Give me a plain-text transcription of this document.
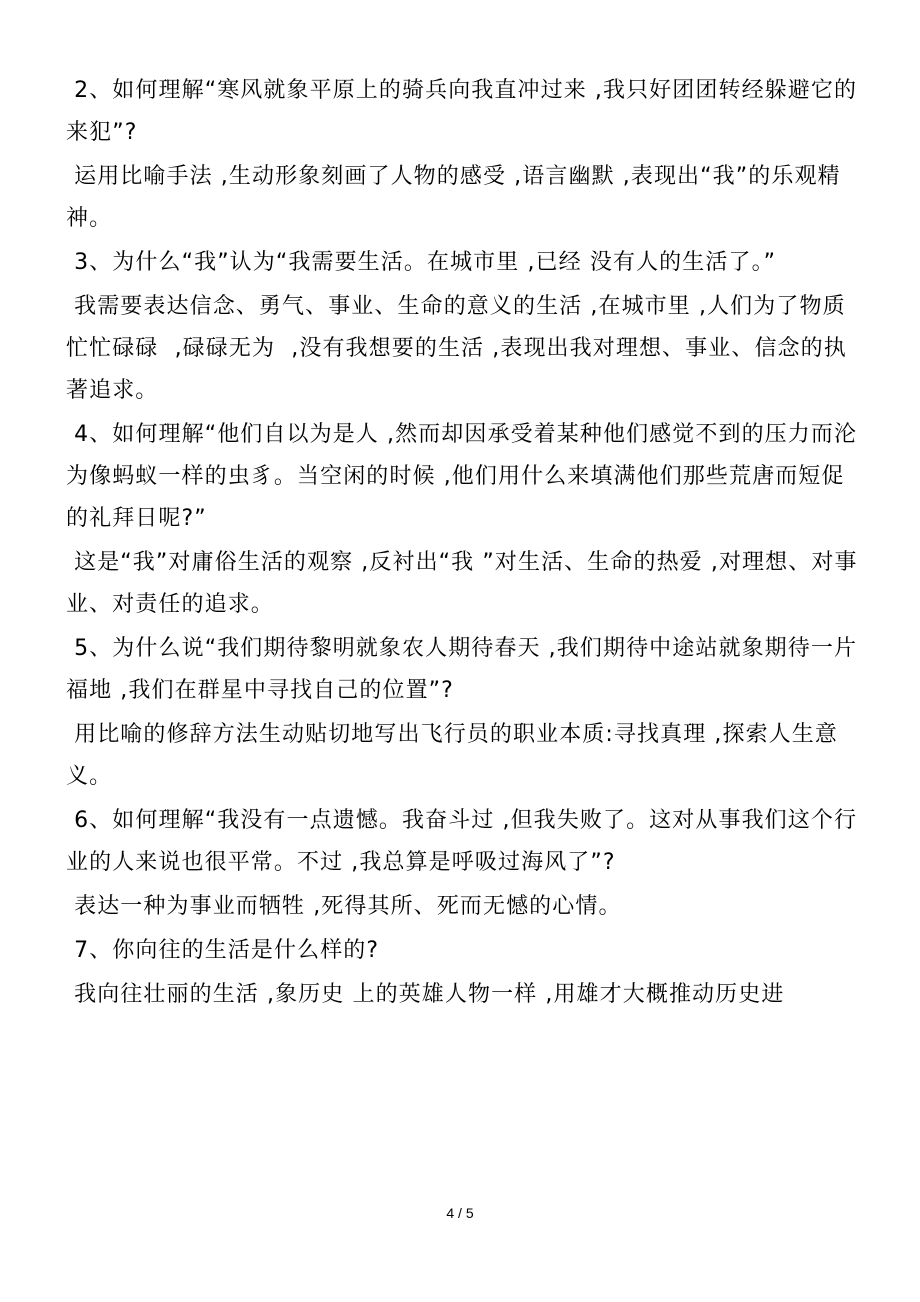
2、如何理解“寒风就象平原上的骑兵向我直冲过来 ,我只好团团转经躲避它的来犯”?

运用比喻手法 ,生动形象刻画了人物的感受 ,语言幽默 ,表现出“我”的乐观精神。

3、为什么“我”认为“我需要生活。在城市里 ,已经 没有人的生活了。”

我需要表达信念、勇气、事业、生命的意义的生活 ,在城市里 ,人们为了物质忙忙碌碌  ,碌碌无为  ,没有我想要的生活 ,表现出我对理想、事业、信念的执著追求。

4、如何理解“他们自以为是人 ,然而却因承受着某种他们感觉不到的压力而沦为像蚂蚁一样的虫豸。当空闲的时候 ,他们用什么来填满他们那些荒唐而短促的礼拜日呢?”

这是“我”对庸俗生活的观察 ,反衬出“我 ”对生活、生命的热爱 ,对理想、对事业、对责任的追求。

5、为什么说“我们期待黎明就象农人期待春天 ,我们期待中途站就象期待一片福地 ,我们在群星中寻找自己的位置”?

用比喻的修辞方法生动贴切地写出飞行员的职业本质:寻找真理 ,探索人生意义。

6、如何理解“我没有一点遗憾。我奋斗过 ,但我失败了。这对从事我们这个行业的人来说也很平常。不过 ,我总算是呼吸过海风了”?

表达一种为事业而牺牲 ,死得其所、死而无憾的心情。

7、你向往的生活是什么样的?

我向往壮丽的生活 ,象历史 上的英雄人物一样 ,用雄才大概推动历史进

4 / 5
